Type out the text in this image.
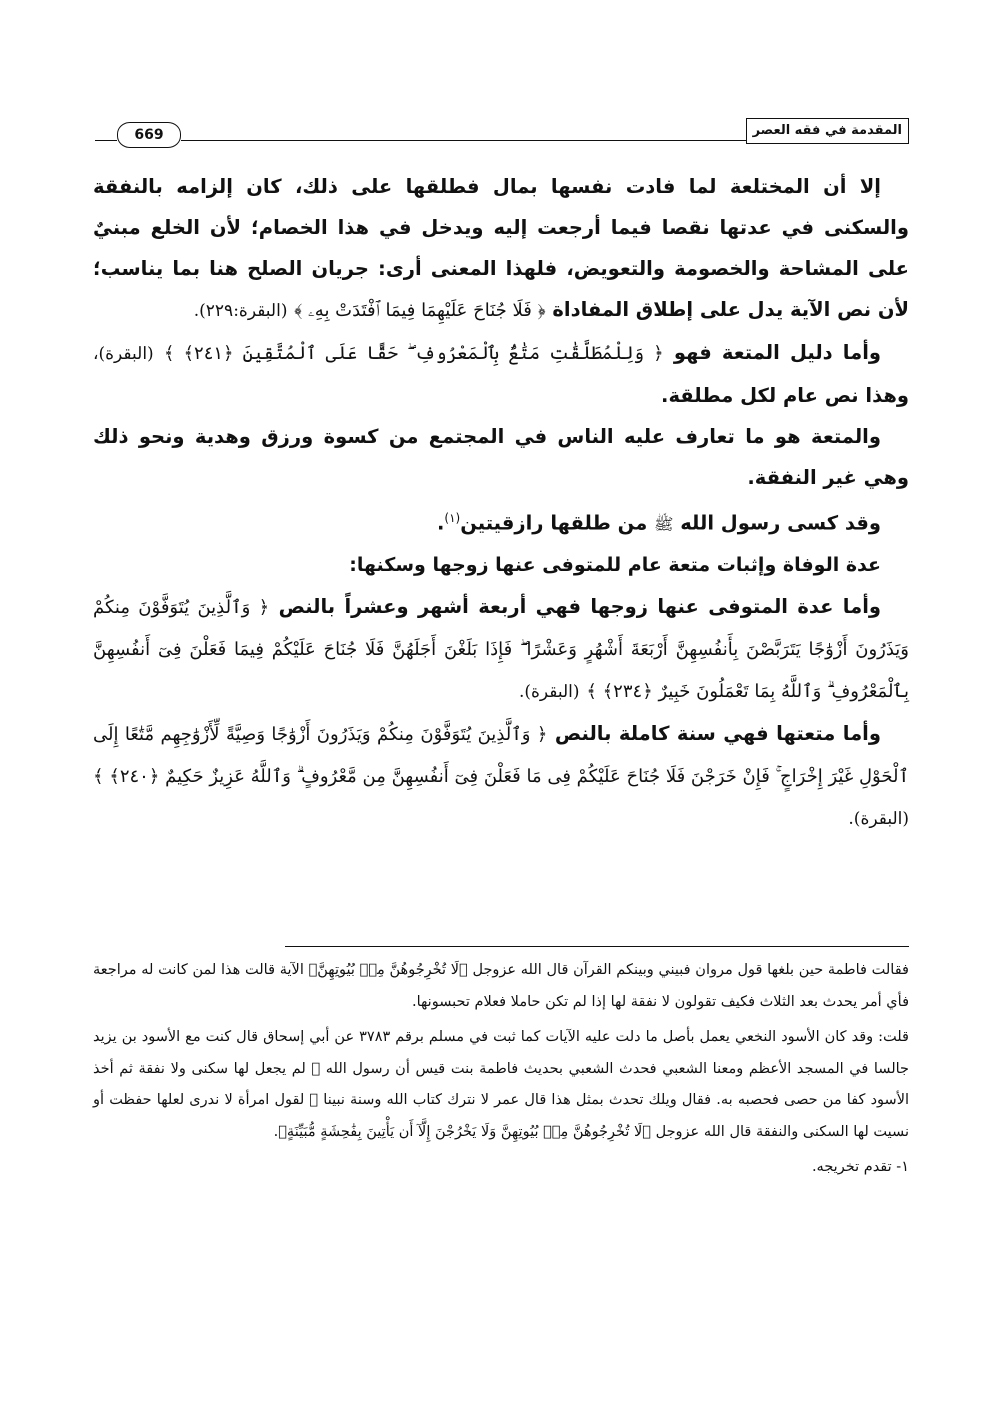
669	المقدمة في فقه العصر

إلا أن المختلعة لما فادت نفسها بمال فطلقها على ذلك، كان إلزامه بالنفقة والسكنى في عدتها نقصا فيما أرجعت إليه ويدخل في هذا الخصام؛ لأن الخلع مبنيٌ على المشاحة والخصومة والتعويض، فلهذا المعنى أرى: جريان الصلح هنا بما يناسب؛ لأن نص الآية يدل على إطلاق المفاداة ﴿ فَلَا جُنَاحَ عَلَيْهِمَا فِيمَا ٱفْتَدَتْ بِهِۦ ﴾ (البقرة:٢٢٩).

وأما دليل المتعة فهو ﴿ وَلِلْمُطَلَّقَٰتِ مَتَٰعٌۢ بِٱلْمَعْرُوفِ ۖ حَقًّا عَلَى ٱلْمُتَّقِينَ ﴿٢٤١﴾ ﴾ (البقرة)، وهذا نص عام لكل مطلقة.

والمتعة هو ما تعارف عليه الناس في المجتمع من كسوة ورزق وهدية ونحو ذلك وهي غير النفقة.

وقد كسى رسول الله ﷺ من طلقها رازقيتين$^{(١)}$.

عدة الوفاة وإثبات متعة عام للمتوفى عنها زوجها وسكنها:

وأما عدة المتوفى عنها زوجها فهي أربعة أشهر وعشراً بالنص ﴿ وَٱلَّذِينَ يُتَوَفَّوْنَ مِنكُمْ وَيَذَرُونَ أَزْوَٰجًا يَتَرَبَّصْنَ بِأَنفُسِهِنَّ أَرْبَعَةَ أَشْهُرٍ وَعَشْرًا ۖ فَإِذَا بَلَغْنَ أَجَلَهُنَّ فَلَا جُنَاحَ عَلَيْكُمْ فِيمَا فَعَلْنَ فِىٓ أَنفُسِهِنَّ بِٱلْمَعْرُوفِ ۗ وَٱللَّهُ بِمَا تَعْمَلُونَ خَبِيرٌ ﴿٢٣٤﴾ ﴾ (البقرة).

وأما متعتها فهي سنة كاملة بالنص ﴿ وَٱلَّذِينَ يُتَوَفَّوْنَ مِنكُمْ وَيَذَرُونَ أَزْوَٰجًا وَصِيَّةً لِّأَزْوَٰجِهِم مَّتَٰعًا إِلَى ٱلْحَوْلِ غَيْرَ إِخْرَاجٍ ۚ فَإِنْ خَرَجْنَ فَلَا جُنَاحَ عَلَيْكُمْ فِى مَا فَعَلْنَ فِىٓ أَنفُسِهِنَّ مِن مَّعْرُوفٍ ۗ وَٱللَّهُ عَزِيزٌ حَكِيمٌ ﴿٢٤٠﴾ ﴾ (البقرة).

فقالت فاطمة حين بلغها قول مروان فبيني وبينكم القرآن قال الله عزوجل ﴿لَا تُخْرِجُوهُنَّ مِنۢ بُيُوتِهِنَّ﴾ الآية قالت هذا لمن كانت له مراجعة فأي أمر يحدث بعد الثلاث فكيف تقولون لا نفقة لها إذا لم تكن حاملا فعلام تحبسونها.

قلت: وقد كان الأسود النخعي يعمل بأصل ما دلت عليه الآيات كما ثبت في مسلم برقم ٣٧٨٣ عن أبي إسحاق قال كنت مع الأسود بن يزيد جالسا في المسجد الأعظم ومعنا الشعبي فحدث الشعبي بحديث فاطمة بنت قيس أن رسول الله ﷺ لم يجعل لها سكنى ولا نفقة ثم أخذ الأسود كفا من حصى فحصبه به. فقال ويلك تحدث بمثل هذا قال عمر لا نترك كتاب الله وسنة نبينا ﷺ لقول امرأة لا ندرى لعلها حفظت أو نسيت لها السكنى والنفقة قال الله عزوجل ﴿لَا تُخْرِجُوهُنَّ مِنۢ بُيُوتِهِنَّ وَلَا يَخْرُجْنَ إِلَّآ أَن يَأْتِينَ بِفَٰحِشَةٍ مُّبَيِّنَةٍ﴾.

١- تقدم تخريجه.
